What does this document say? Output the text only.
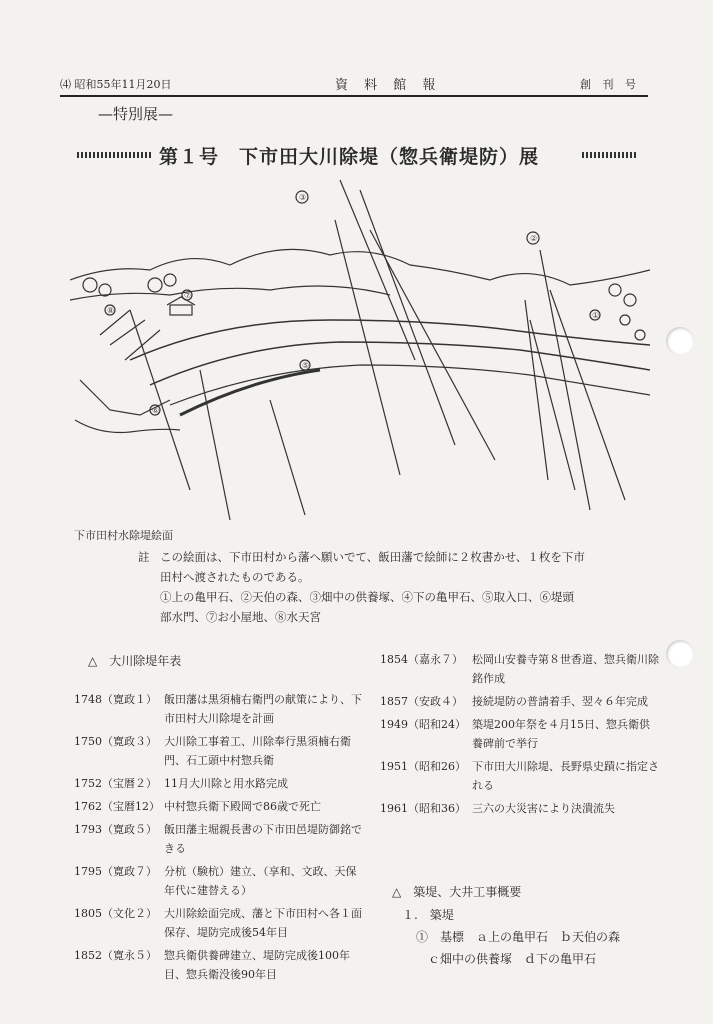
⑷ 昭和55年11月20日	資 料 館 報	創 刊 号
—特別展—
第１号　下市田大川除堤（惣兵衛堤防）展
③
②
①
⑧
⑤
⑥
⑦
下市田村水除堤絵面
註 この絵面は、下市田村から藩へ願いでて、飯田藩で絵師に２枚書かせ、１枚を下市田村へ渡されたものである。
①上の亀甲石、②天伯の森、③畑中の供養塚、④下の亀甲石、⑤取入口、⑥堤頭部水門、⑦お小屋地、⑧水天宮
△　大川除堤年表
1748（寛政１） 飯田藩は黒須楠右衛門の献策により、下市田村大川除堤を計画
1750（寛政３） 大川除工事着工、川除奉行黒須楠右衛門、石工頭中村惣兵衛
1752（宝暦２） 11月大川除と用水路完成
1762（宝暦12） 中村惣兵衛下殿岡で86歳で死亡
1793（寛政５） 飯田藩主堀親長書の下市田邑堤防御銘できる
1795（寛政７） 分杭（験杭）建立、（享和、文政、天保年代に建替える）
1805（文化２） 大川除絵面完成、藩と下市田村へ各１面保存、堤防完成後54年目
1852（寛永５） 惣兵衛供養碑建立、堤防完成後100年目、惣兵衛没後90年目
1854（嘉永７） 松岡山安養寺第８世香道、惣兵衛川除銘作成
1857（安政４） 接続堤防の普請着手、翌々６年完成
1949（昭和24） 築堤200年祭を４月15日、惣兵衛供養碑前で挙行
1951（昭和26） 下市田大川除堤、長野県史蹟に指定される
1961（昭和36） 三六の大災害により決潰流失
△　築堤、大井工事概要
１.　築堤
①　基標　ａ上の亀甲石　ｂ天伯の森
ｃ畑中の供養塚　ｄ下の亀甲石
